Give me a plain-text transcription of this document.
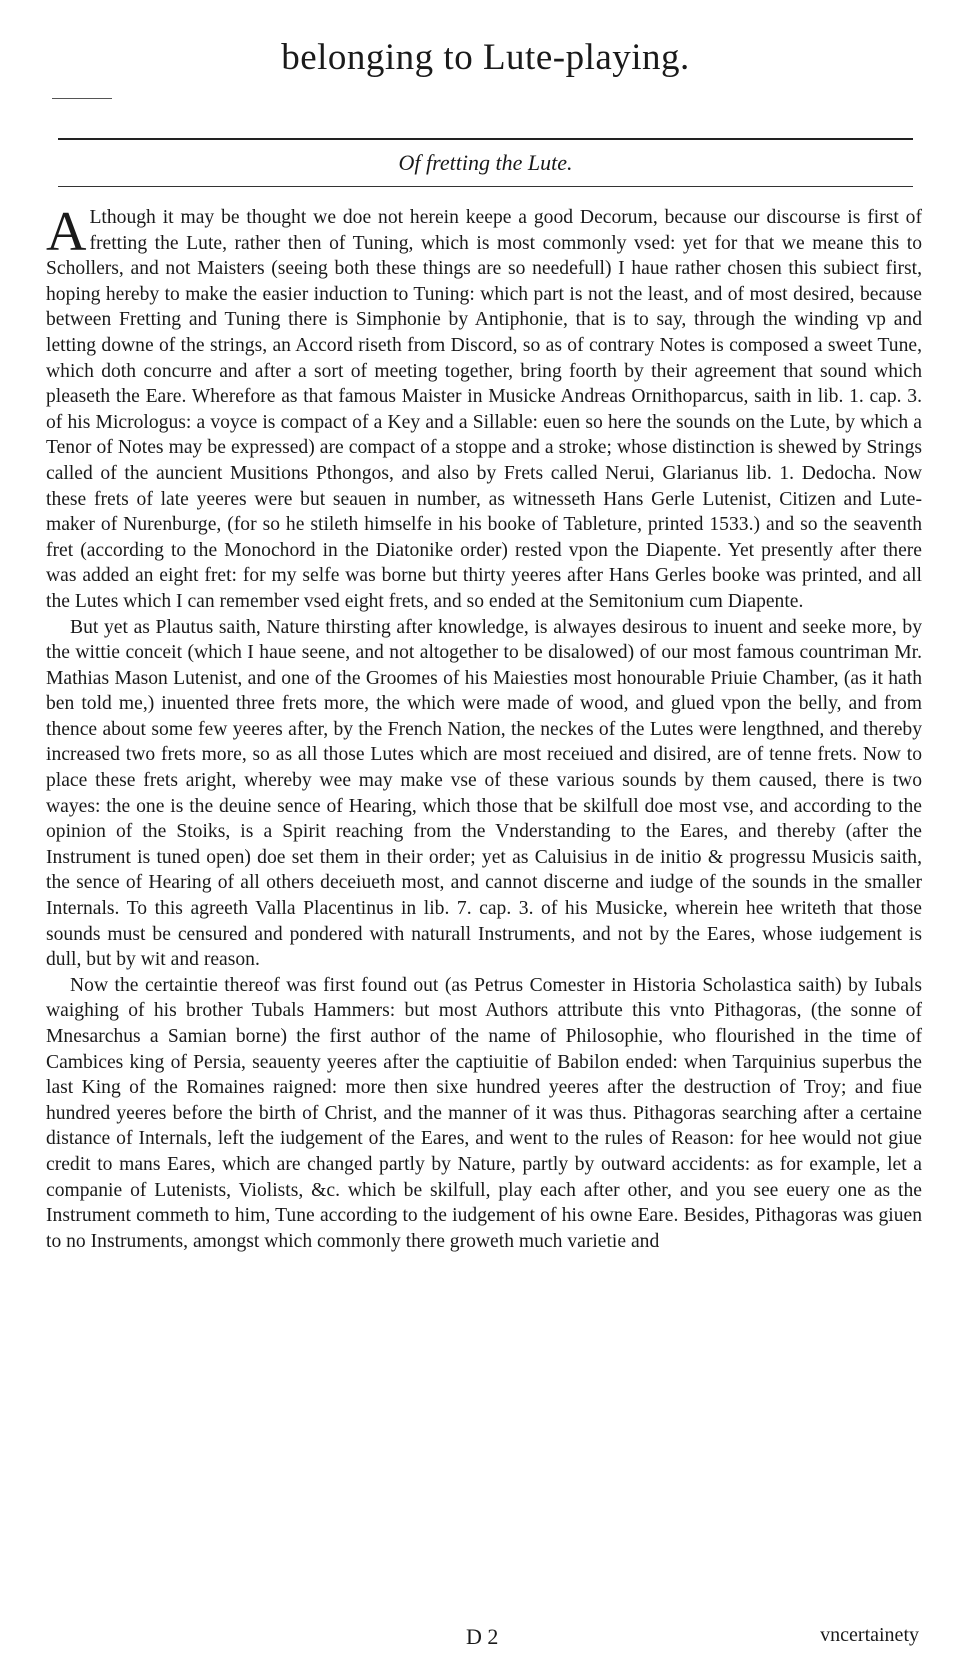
belonging to Lute-playing.
Of fretting the Lute.

A Lthough it may be thought we doe not herein keepe a good Decorum, because our discourse is first of fretting the Lute, rather then of Tuning, which is most commonly vsed: yet for that we meane this to Schollers, and not Maisters (seeing both these things are so needefull) I haue rather chosen this subiect first, hoping hereby to make the easier induction to Tuning: which part is not the least, and of most desired, because between Fretting and Tuning there is Simphonie by Antiphonie, that is to say, through the winding vp and letting downe of the strings, an Accord riseth from Discord, so as of contrary Notes is composed a sweet Tune, which doth concurre and after a sort of meeting together, bring foorth by their agreement that sound which pleaseth the Eare. Wherefore as that famous Maister in Musicke Andreas Ornithoparcus, saith in lib. 1. cap. 3. of his Micrologus: a voyce is compact of a Key and a Sillable: euen so here the sounds on the Lute, by which a Tenor of Notes may be expressed) are compact of a stoppe and a stroke; whose distinction is shewed by Strings called of the auncient Musitions Pthongos, and also by Frets called Nerui, Glarianus lib. 1. Dedocha. Now these frets of late yeeres were but seauen in number, as witnesseth Hans Gerle Lutenist, Citizen and Lute-maker of Nurenburge, (for so he stileth himselfe in his booke of Tableture, printed 1533.) and so the seaventh fret (according to the Monochord in the Diatonike order) rested vpon the Diapente. Yet presently after there was added an eight fret: for my selfe was borne but thirty yeeres after Hans Gerles booke was printed, and all the Lutes which I can remember vsed eight frets, and so ended at the Semitonium cum Diapente.

But yet as Plautus saith, Nature thirsting after knowledge, is alwayes desirous to inuent and seeke more, by the wittie conceit (which I haue seene, and not altogether to be disalowed) of our most famous countriman Mr. Mathias Mason Lutenist, and one of the Groomes of his Maiesties most honourable Priuie Chamber, (as it hath ben told me,) inuented three frets more, the which were made of wood, and glued vpon the belly, and from thence about some few yeeres after, by the French Nation, the neckes of the Lutes were lengthned, and thereby increased two frets more, so as all those Lutes which are most receiued and disired, are of tenne frets. Now to place these frets aright, whereby wee may make vse of these various sounds by them caused, there is two wayes: the one is the deuine sence of Hearing, which those that be skilfull doe most vse, and according to the opinion of the Stoiks, is a Spirit reaching from the Vnderstanding to the Eares, and thereby (after the Instrument is tuned open) doe set them in their order; yet as Caluisius in de initio & progressu Musicis saith, the sence of Hearing of all others deceiueth most, and cannot discerne and iudge of the sounds in the smaller Internals. To this agreeth Valla Placentinus in lib. 7. cap. 3. of his Musicke, wherein hee writeth that those sounds must be censured and pondered with naturall Instruments, and not by the Eares, whose iudgement is dull, but by wit and reason.

Now the certaintie thereof was first found out (as Petrus Comester in Historia Scholastica saith) by Iubals waighing of his brother Tubals Hammers: but most Authors attribute this vnto Pithagoras, (the sonne of Mnesarchus a Samian borne) the first author of the name of Philosophie, who flourished in the time of Cambices king of Persia, seauenty yeeres after the captiuitie of Babilon ended: when Tarquinius superbus the last King of the Romaines raigned: more then sixe hundred yeeres after the destruction of Troy; and fiue hundred yeeres before the birth of Christ, and the manner of it was thus. Pithagoras searching after a certaine distance of Internals, left the iudgement of the Eares, and went to the rules of Reason: for hee would not giue credit to mans Eares, which are changed partly by Nature, partly by outward accidents: as for example, let a companie of Lutenists, Violists, &c. which be skilfull, play each after other, and you see euery one as the Instrument commeth to him, Tune according to the iudgement of his owne Eare. Besides, Pithagoras was giuen to no Instruments, amongst which commonly there groweth much varietie and

D 2	vncertainety
